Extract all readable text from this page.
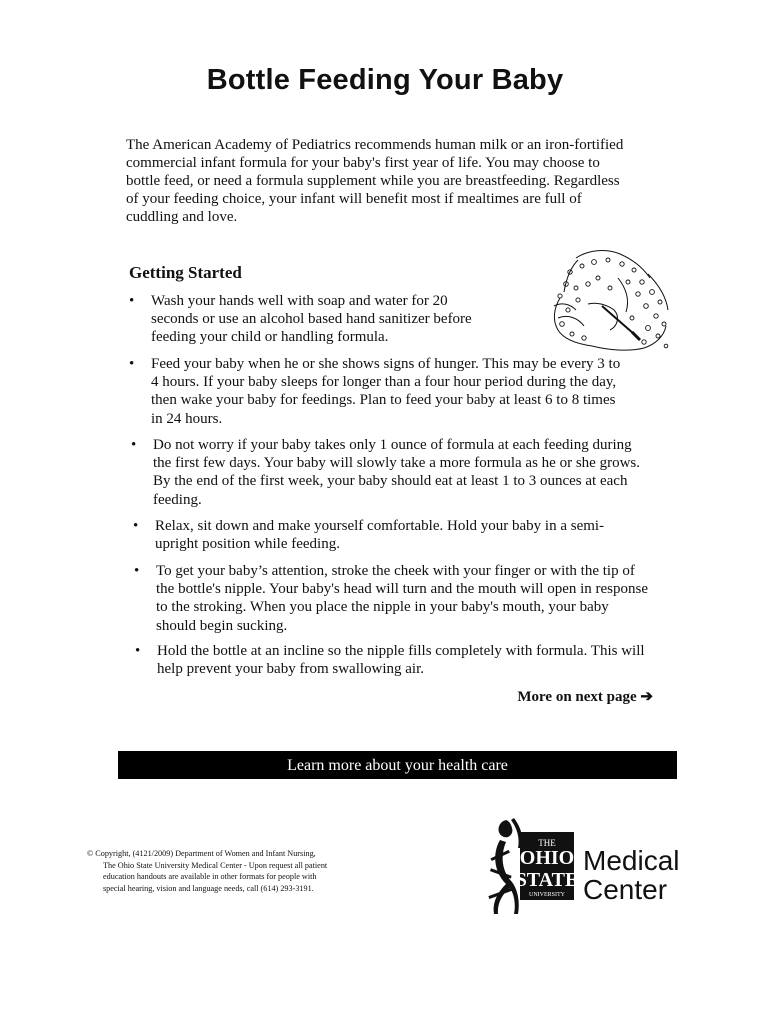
Bottle Feeding Your Baby

The American Academy of Pediatrics recommends human milk or an iron-fortified commercial infant formula for your baby's first year of life. You may choose to bottle feed, or need a formula supplement while you are breastfeeding. Regardless of your feeding choice, your infant will benefit most if mealtimes are full of cuddling and love.

Getting Started
• Wash your hands well with soap and water for 20 seconds or use an alcohol based hand sanitizer before feeding your child or handling formula.
• Feed your baby when he or she shows signs of hunger. This may be every 3 to 4 hours. If your baby sleeps for longer than a four hour period during the day, then wake your baby for feedings. Plan to feed your baby at least 6 to 8 times in 24 hours.
• Do not worry if your baby takes only 1 ounce of formula at each feeding during the first few days. Your baby will slowly take a more formula as he or she grows. By the end of the first week, your baby should eat at least 1 to 3 ounces at each feeding.
• Relax, sit down and make yourself comfortable. Hold your baby in a semi-upright position while feeding.
• To get your baby’s attention, stroke the cheek with your finger or with the tip of the bottle's nipple. Your baby's head will turn and the mouth will open in response to the stroking. When you place the nipple in your baby's mouth, your baby should begin sucking.
• Hold the bottle at an incline so the nipple fills completely with formula. This will help prevent your baby from swallowing air.
More on next page ➔
Learn more about your health care
© Copyright, (4121/2009) Department of Women and Infant Nursing,
The Ohio State University Medical Center - Upon request all patient
education handouts are available in other formats for people with
special hearing, vision and language needs, call (614) 293-3191.
THE
OHIO
STATE
UNIVERSITY
Medical
Center
